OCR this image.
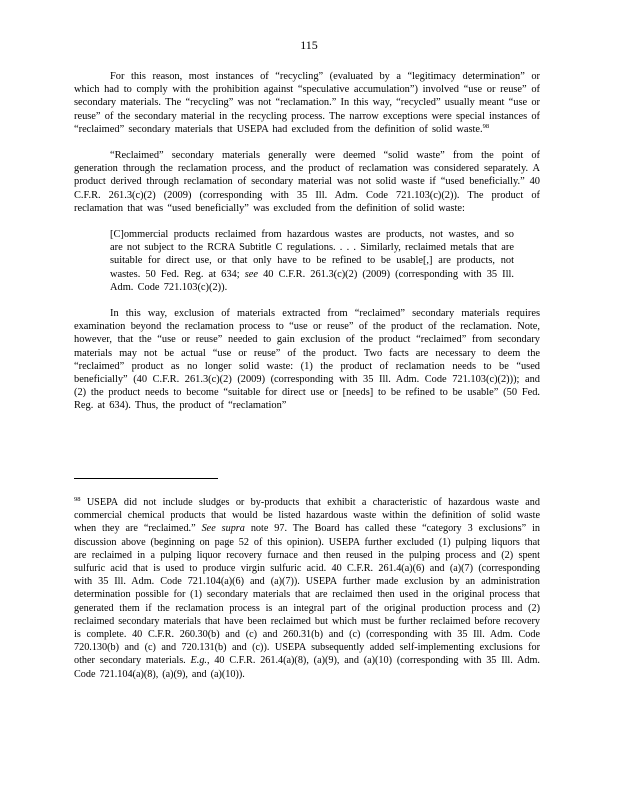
115

For this reason, most instances of “recycling” (evaluated by a “legitimacy determination” or which had to comply with the prohibition against “speculative accumulation”) involved “use or reuse” of secondary materials. The “recycling” was not “reclamation.” In this way, “recycled” usually meant “use or reuse” of the secondary material in the recycling process. The narrow exceptions were special instances of “reclaimed” secondary materials that USEPA had excluded from the definition of solid waste.$^{98}$

“Reclaimed” secondary materials generally were deemed “solid waste” from the point of generation through the reclamation process, and the product of reclamation was considered separately. A product derived through reclamation of secondary material was not solid waste if “used beneficially.” 40 C.F.R. 261.3(c)(2) (2009) (corresponding with 35 Ill. Adm. Code 721.103(c)(2)). The product of reclamation that was “used beneficially” was excluded from the definition of solid waste:

[C]ommercial products reclaimed from hazardous wastes are products, not wastes, and so are not subject to the RCRA Subtitle C regulations. . . . Similarly, reclaimed metals that are suitable for direct use, or that only have to be refined to be usable[,] are products, not wastes. 50 Fed. Reg. at 634; see 40 C.F.R. 261.3(c)(2) (2009) (corresponding with 35 Ill. Adm. Code 721.103(c)(2)).

In this way, exclusion of materials extracted from “reclaimed” secondary materials requires examination beyond the reclamation process to “use or reuse” of the product of the reclamation. Note, however, that the “use or reuse” needed to gain exclusion of the product “reclaimed” from secondary materials may not be actual “use or reuse” of the product. Two facts are necessary to deem the “reclaimed” product as no longer solid waste: (1) the product of reclamation needs to be “used beneficially” (40 C.F.R. 261.3(c)(2) (2009) (corresponding with 35 Ill. Adm. Code 721.103(c)(2))); and (2) the product needs to become “suitable for direct use or [needs] to be refined to be usable” (50 Fed. Reg. at 634). Thus, the product of “reclamation”

$^{98}$ USEPA did not include sludges or by-products that exhibit a characteristic of hazardous waste and commercial chemical products that would be listed hazardous waste within the definition of solid waste when they are “reclaimed.” See supra note 97. The Board has called these “category 3 exclusions” in discussion above (beginning on page 52 of this opinion). USEPA further excluded (1) pulping liquors that are reclaimed in a pulping liquor recovery furnace and then reused in the pulping process and (2) spent sulfuric acid that is used to produce virgin sulfuric acid. 40 C.F.R. 261.4(a)(6) and (a)(7) (corresponding with 35 Ill. Adm. Code 721.104(a)(6) and (a)(7)). USEPA further made exclusion by an administration determination possible for (1) secondary materials that are reclaimed then used in the original process that generated them if the reclamation process is an integral part of the original production process and (2) reclaimed secondary materials that have been reclaimed but which must be further reclaimed before recovery is complete. 40 C.F.R. 260.30(b) and (c) and 260.31(b) and (c) (corresponding with 35 Ill. Adm. Code 720.130(b) and (c) and 720.131(b) and (c)). USEPA subsequently added self-implementing exclusions for other secondary materials. E.g., 40 C.F.R. 261.4(a)(8), (a)(9), and (a)(10) (corresponding with 35 Ill. Adm. Code 721.104(a)(8), (a)(9), and (a)(10)).
